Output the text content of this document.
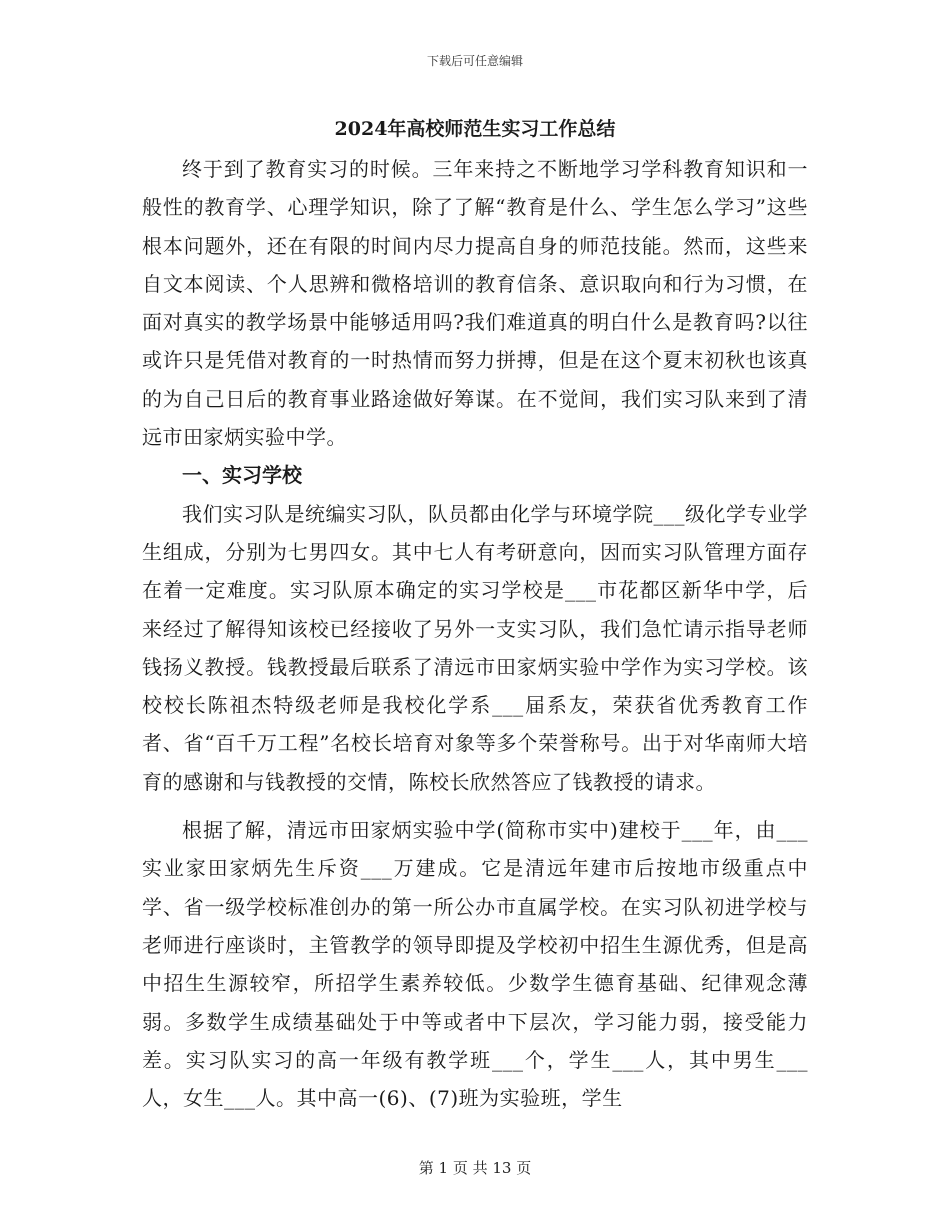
下载后可任意编辑
2024年高校师范生实习工作总结

终于到了教育实习的时候。三年来持之不断地学习学科教育知识和一般性的教育学、心理学知识，除了了解“教育是什么、学生怎么学习”这些根本问题外，还在有限的时间内尽力提高自身的师范技能。然而，这些来自文本阅读、个人思辨和微格培训的教育信条、意识取向和行为习惯，在面对真实的教学场景中能够适用吗?我们难道真的明白什么是教育吗?以往或许只是凭借对教育的一时热情而努力拼搏，但是在这个夏末初秋也该真的为自己日后的教育事业路途做好筹谋。在不觉间，我们实习队来到了清远市田家炳实验中学。

一、实习学校

我们实习队是统编实习队，队员都由化学与环境学院___级化学专业学生组成，分别为七男四女。其中七人有考研意向，因而实习队管理方面存在着一定难度。实习队原本确定的实习学校是___市花都区新华中学，后来经过了解得知该校已经接收了另外一支实习队，我们急忙请示指导老师钱扬义教授。钱教授最后联系了清远市田家炳实验中学作为实习学校。该校校长陈祖杰特级老师是我校化学系___届系友，荣获省优秀教育工作者、省“百千万工程”名校长培育对象等多个荣誉称号。出于对华南师大培育的感谢和与钱教授的交情，陈校长欣然答应了钱教授的请求。

根据了解，清远市田家炳实验中学(简称市实中)建校于___年，由___实业家田家炳先生斥资___万建成。它是清远年建市后按地市级重点中学、省一级学校标准创办的第一所公办市直属学校。在实习队初进学校与老师进行座谈时，主管教学的领导即提及学校初中招生生源优秀，但是高中招生生源较窄，所招学生素养较低。少数学生德育基础、纪律观念薄弱。多数学生成绩基础处于中等或者中下层次，学习能力弱，接受能力差。实习队实习的高一年级有教学班___个，学生___人，其中男生___人，女生___人。其中高一(6)、(7)班为实验班，学生

第 1 页 共 13 页
